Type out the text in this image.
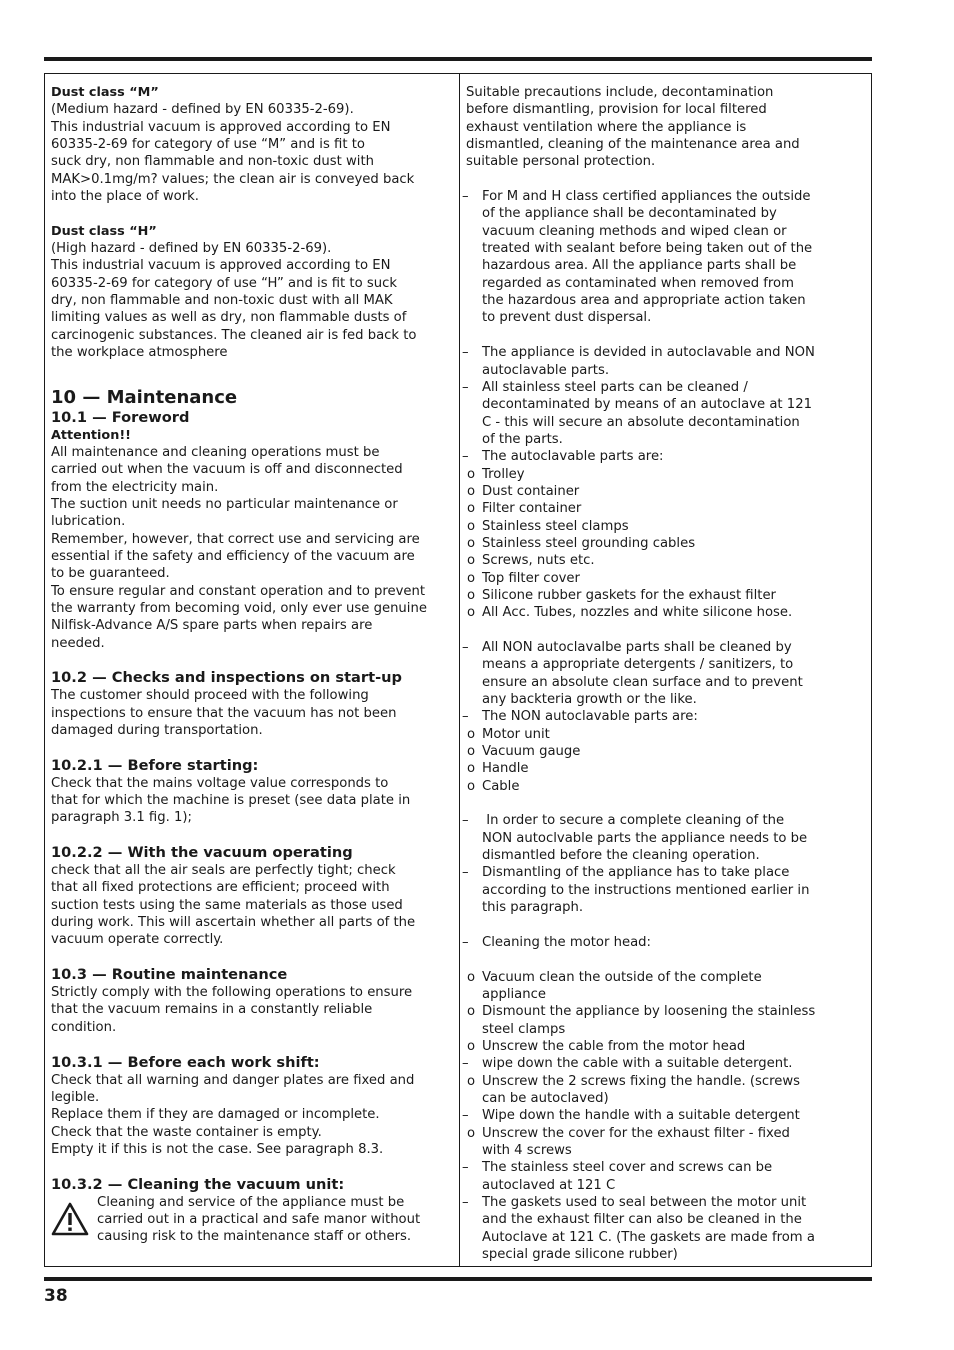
Dust class “M”

(Medium hazard - defined by EN 60335-2-69).

This industrial vacuum is approved according to EN

60335-2-69 for category of use “M” and is fit to

suck dry, non flammable and non-toxic dust with

MAK>0.1mg/m? values; the clean air is conveyed back

into the place of work.

Dust class “H”

(High hazard - defined by EN 60335-2-69).

This industrial vacuum is approved according to EN

60335-2-69 for category of use “H” and is fit to suck

dry, non flammable and non-toxic dust with all MAK

limiting values as well as dry, non flammable dusts of

carcinogenic substances. The cleaned air is fed back to

the workplace atmosphere

10 — Maintenance

10.1 — Foreword

Attention!!

All maintenance and cleaning operations must be

carried out when the vacuum is off and disconnected

from the electricity main.

The suction unit needs no particular maintenance or

lubrication.

Remember, however, that correct use and servicing are

essential if the safety and efficiency of the vacuum are

to be guaranteed.

To ensure regular and constant operation and to prevent

the warranty from becoming void, only ever use genuine

Nilfisk-Advance A/S spare parts when repairs are

needed.

10.2 — Checks and inspections on start-up

The customer should proceed with the following

inspections to ensure that the vacuum has not been

damaged during transportation.

10.2.1 — Before starting:

Check that the mains voltage value corresponds to

that for which the machine is preset (see data plate in

paragraph 3.1 fig. 1);

10.2.2 — With the vacuum operating

check that all the air seals are perfectly tight; check

that all fixed protections are efficient; proceed with

suction tests using the same materials as those used

during work. This will ascertain whether all parts of the

vacuum operate correctly.

10.3 — Routine maintenance

Strictly comply with the following operations to ensure

that the vacuum remains in a constantly reliable

condition.

10.3.1 — Before each work shift:

Check that all warning and danger plates are fixed and

legible.

Replace them if they are damaged or incomplete.

Check that the waste container is empty.

Empty it if this is not the case. See paragraph 8.3.

10.3.2 — Cleaning the vacuum unit:

Cleaning and service of the appliance must be

carried out in a practical and safe manor without

causing risk to the maintenance staff or others.

Suitable precautions include, decontamination

before dismantling, provision for local filtered

exhaust ventilation where the appliance is

dismantled, cleaning of the maintenance area and

suitable personal protection.

– For M and H class certified appliances the outside

of the appliance shall be decontaminated by

vacuum cleaning methods and wiped clean or

treated with sealant before being taken out of the

hazardous area. All the appliance parts shall be

regarded as contaminated when removed from

the hazardous area and appropriate action taken

to prevent dust dispersal.

– The appliance is devided in autoclavable and NON

autoclavable parts.

– All stainless steel parts can be cleaned /

decontaminated by means of an autoclave at 121

C - this will secure an absolute decontamination

of the parts.

– The autoclavable parts are:

o Trolley

o Dust container

o Filter container

o Stainless steel clamps

o Stainless steel grounding cables

o Screws, nuts etc.

o Top filter cover

o Silicone rubber gaskets for the exhaust filter

o All Acc. Tubes, nozzles and white silicone hose.

– All NON autoclavalbe parts shall be cleaned by

means a appropriate detergents / sanitizers, to

ensure an absolute clean surface and to prevent

any backteria growth or the like.

– The NON autoclavable parts are:

o Motor unit

o Vacuum gauge

o Handle

o Cable

–  In order to secure a complete cleaning of the

NON autoclvable parts the appliance needs to be

dismantled before the cleaning operation.

– Dismantling of the appliance has to take place

according to the instructions mentioned earlier in

this paragraph.

– Cleaning the motor head:

o Vacuum clean the outside of the complete

appliance

o Dismount the appliance by loosening the stainless

steel clamps

o Unscrew the cable from the motor head

– wipe down the cable with a suitable detergent.

o Unscrew the 2 screws fixing the handle. (screws

can be autoclaved)

– Wipe down the handle with a suitable detergent

o Unscrew the cover for the exhaust filter - fixed

with 4 screws

– The stainless steel cover and screws can be

autoclaved at 121 C

– The gaskets used to seal between the motor unit

and the exhaust filter can also be cleaned in the

Autoclave at 121 C. (The gaskets are made from a

special grade silicone rubber)

38
